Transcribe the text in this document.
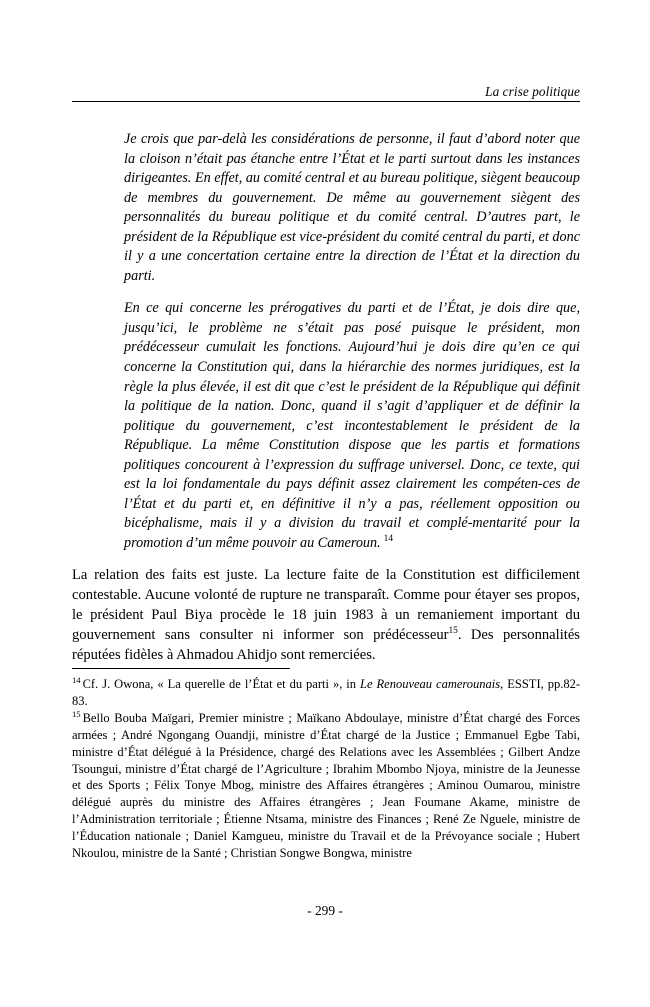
La crise politique
Je crois que par-delà les considérations de personne, il faut d’abord noter que la cloison n’était pas étanche entre l’État et le parti surtout dans les instances dirigeantes. En effet, au comité central et au bureau politique, siègent beaucoup de membres du gouvernement. De même au gouvernement siègent des personnalités du bureau politique et du comité central. D’autres part, le président de la République est vice-président du comité central du parti, et donc il y a une concertation certaine entre la direction de l’État et la direction du parti.
En ce qui concerne les prérogatives du parti et de l’État, je dois dire que, jusqu’ici, le problème ne s’était pas posé puisque le président, mon prédécesseur cumulait les fonctions. Aujourd’hui je dois dire qu’en ce qui concerne la Constitution qui, dans la hiérarchie des normes juridiques, est la règle la plus élevée, il est dit que c’est le président de la République qui définit la politique de la nation. Donc, quand il s’agit d’appliquer et de définir la politique du gouvernement, c’est incontestablement le président de la République. La même Constitution dispose que les partis et formations politiques concourent à l’expression du suffrage universel. Donc, ce texte, qui est la loi fondamentale du pays définit assez clairement les compéten-ces de l’État et du parti et, en définitive il n’y a pas, réellement opposition ou bicéphalisme, mais il y a division du travail et complé-mentarité pour la promotion d’un même pouvoir au Cameroun. $^{14}$

La relation des faits est juste. La lecture faite de la Constitution est difficilement contestable. Aucune volonté de rupture ne transparaît. Comme pour étayer ses propos, le président Paul Biya procède le 18 juin 1983 à un remaniement important du gouvernement sans consulter ni informer son prédécesseur$^{15}$. Des personnalités réputées fidèles à Ahmadou Ahidjo sont remerciées.

$^{14}$ Cf. J. Owona, « La querelle de l’État et du parti », in Le Renouveau camerounais, ESSTI, pp.82-83.

$^{15}$ Bello Bouba Maïgari, Premier ministre ; Maïkano Abdoulaye, ministre d’État chargé des Forces armées ; André Ngongang Ouandji, ministre d’État chargé de la Justice ; Emmanuel Egbe Tabi, ministre d’État délégué à la Présidence, chargé des Relations avec les Assemblées ; Gilbert Andze Tsoungui, ministre d’État chargé de l’Agriculture ; Ibrahim Mbombo Njoya, ministre de la Jeunesse et des Sports ; Félix Tonye Mbog, ministre des Affaires étrangères ; Aminou Oumarou, ministre délégué auprès du ministre des Affaires étrangères ; Jean Foumane Akame, ministre de l’Administration territoriale ; Étienne Ntsama, ministre des Finances ; René Ze Nguele, ministre de l’Éducation nationale ; Daniel Kamgueu, ministre du Travail et de la Prévoyance sociale ; Hubert Nkoulou, ministre de la Santé ; Christian Songwe Bongwa, ministre

- 299 -
